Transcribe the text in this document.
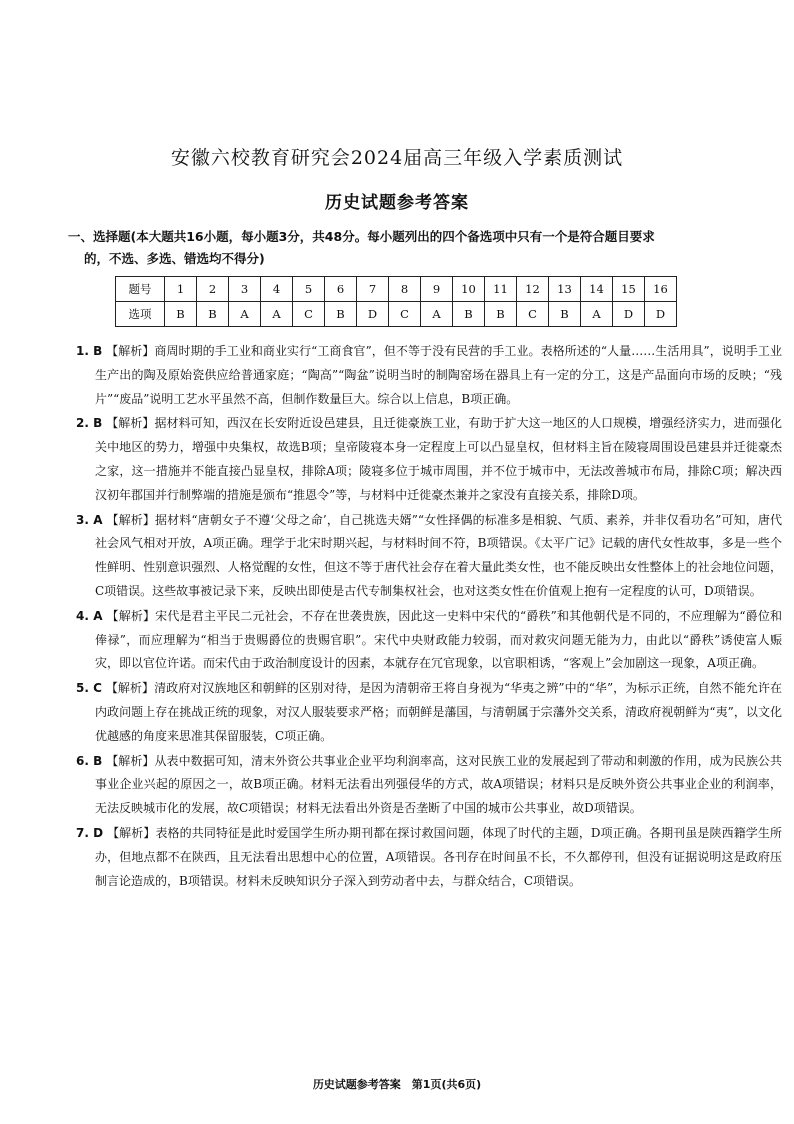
安徽六校教育研究会2024届高三年级入学素质测试
历史试题参考答案
一、选择题(本大题共16小题，每小题3分，共48分。每小题列出的四个备选项中只有一个是符合题目要求
的，不选、多选、错选均不得分)
题号	1	2	3	4	5	6	7	8	9	10	11	12	13	14	15	16
选项	B	B	A	A	C	B	D	C	A	B	B	C	B	A	D	D

1. B 【解析】商周时期的手工业和商业实行“工商食官”，但不等于没有民营的手工业。表格所述的“人量……生活用具”，说明手工业生产出的陶及原始瓷供应给普通家庭；“陶高”“陶盆”说明当时的制陶窑场在器具上有一定的分工，这是产品面向市场的反映；“残片”“废品”说明工艺水平虽然不高，但制作数量巨大。综合以上信息，B项正确。

2. B 【解析】据材料可知，西汉在长安附近设邑建县，且迁徙豪族工业，有助于扩大这一地区的人口规模，增强经济实力，进而强化关中地区的势力，增强中央集权，故选B项；皇帝陵寝本身一定程度上可以凸显皇权，但材料主旨在陵寝周围设邑建县并迁徙豪杰之家，这一措施并不能直接凸显皇权，排除A项；陵寝多位于城市周围，并不位于城市中，无法改善城市布局，排除C项；解决西汉初年郡国并行制弊端的措施是颁布“推恩令”等，与材料中迁徙豪杰兼并之家没有直接关系，排除D项。

3. A 【解析】据材料“唐朝女子不遵‘父母之命’，自己挑选夫婿”“女性择偶的标准多是相貌、气质、素养，并非仅看功名”可知，唐代社会风气相对开放，A项正确。理学于北宋时期兴起，与材料时间不符，B项错误。《太平广记》记载的唐代女性故事，多是一些个性鲜明、性别意识强烈、人格觉醒的女性，但这不等于唐代社会存在着大量此类女性，也不能反映出女性整体上的社会地位问题，C项错误。这些故事被记录下来，反映出即使是古代专制集权社会，也对这类女性在价值观上抱有一定程度的认可，D项错误。

4. A 【解析】宋代是君主平民二元社会，不存在世袭贵族，因此这一史料中宋代的“爵秩”和其他朝代是不同的，不应理解为“爵位和俸禄”，而应理解为“相当于贵赐爵位的贵赐官职”。宋代中央财政能力较弱，而对救灾问题无能为力，由此以“爵秩”诱使富人赈灾，即以官位许诺。而宋代由于政治制度设计的因素，本就存在冗官现象，以官职相诱，“客观上”会加剧这一现象，A项正确。

5. C 【解析】清政府对汉族地区和朝鲜的区别对待，是因为清朝帝王将自身视为“华夷之辨”中的“华”，为标示正统，自然不能允许在内政问题上存在挑战正统的现象，对汉人服装要求严格；而朝鲜是藩国，与清朝属于宗藩外交关系，清政府视朝鲜为“夷”，以文化优越感的角度来思准其保留服装，C项正确。

6. B 【解析】从表中数据可知，清末外资公共事业企业平均利润率高，这对民族工业的发展起到了带动和刺激的作用，成为民族公共事业企业兴起的原因之一，故B项正确。材料无法看出列强侵华的方式，故A项错误；材料只是反映外资公共事业企业的利润率，无法反映城市化的发展，故C项错误；材料无法看出外资是否垄断了中国的城市公共事业，故D项错误。

7. D 【解析】表格的共同特征是此时爱国学生所办期刊都在探讨救国问题，体现了时代的主题，D项正确。各期刊虽是陕西籍学生所办，但地点都不在陕西，且无法看出思想中心的位置，A项错误。各刊存在时间虽不长，不久都停刊，但没有证据说明这是政府压制言论造成的，B项错误。材料未反映知识分子深入到劳动者中去，与群众结合，C项错误。

历史试题参考答案　第1页(共6页)
